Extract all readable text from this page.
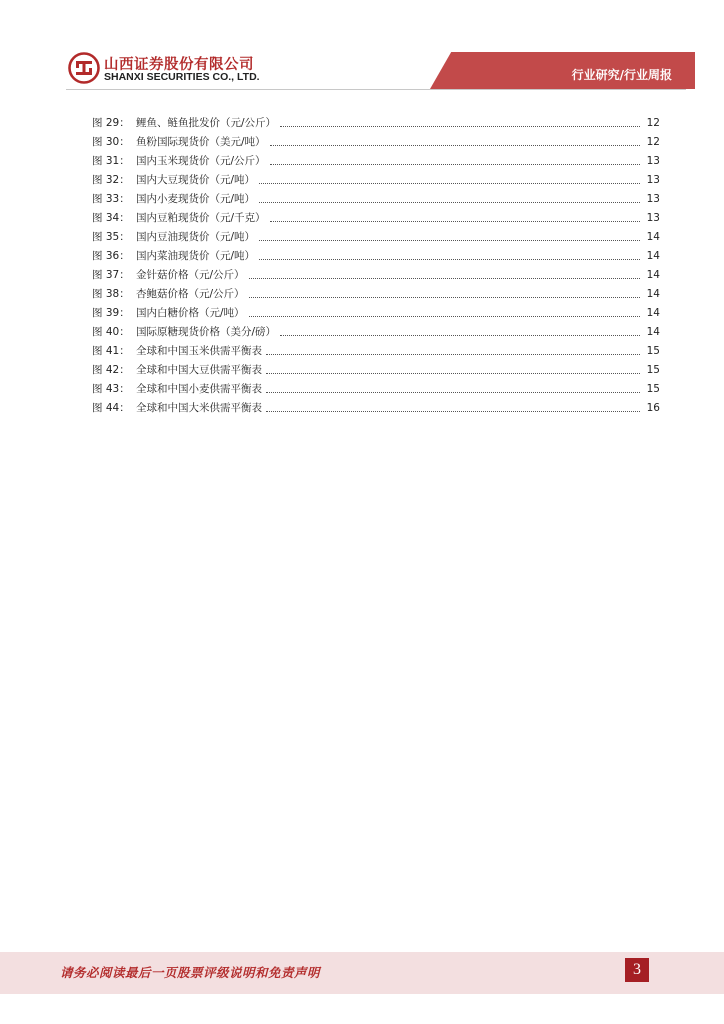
山西证券股份有限公司
SHANXI SECURITIES CO., LTD.	行业研究/行业周报
图 29： 鲤鱼、鲢鱼批发价（元/公斤）	12
图 30： 鱼粉国际现货价（美元/吨）	12
图 31： 国内玉米现货价（元/公斤）	13
图 32： 国内大豆现货价（元/吨）	13
图 33： 国内小麦现货价（元/吨）	13
图 34： 国内豆粕现货价（元/千克）	13
图 35： 国内豆油现货价（元/吨）	14
图 36： 国内菜油现货价（元/吨）	14
图 37： 金针菇价格（元/公斤）	14
图 38： 杏鲍菇价格（元/公斤）	14
图 39： 国内白糖价格（元/吨）	14
图 40： 国际原糖现货价格（美分/磅）	14
图 41： 全球和中国玉米供需平衡表	15
图 42： 全球和中国大豆供需平衡表	15
图 43： 全球和中国小麦供需平衡表	15
图 44： 全球和中国大米供需平衡表	16
请务必阅读最后一页股票评级说明和免责声明	3
